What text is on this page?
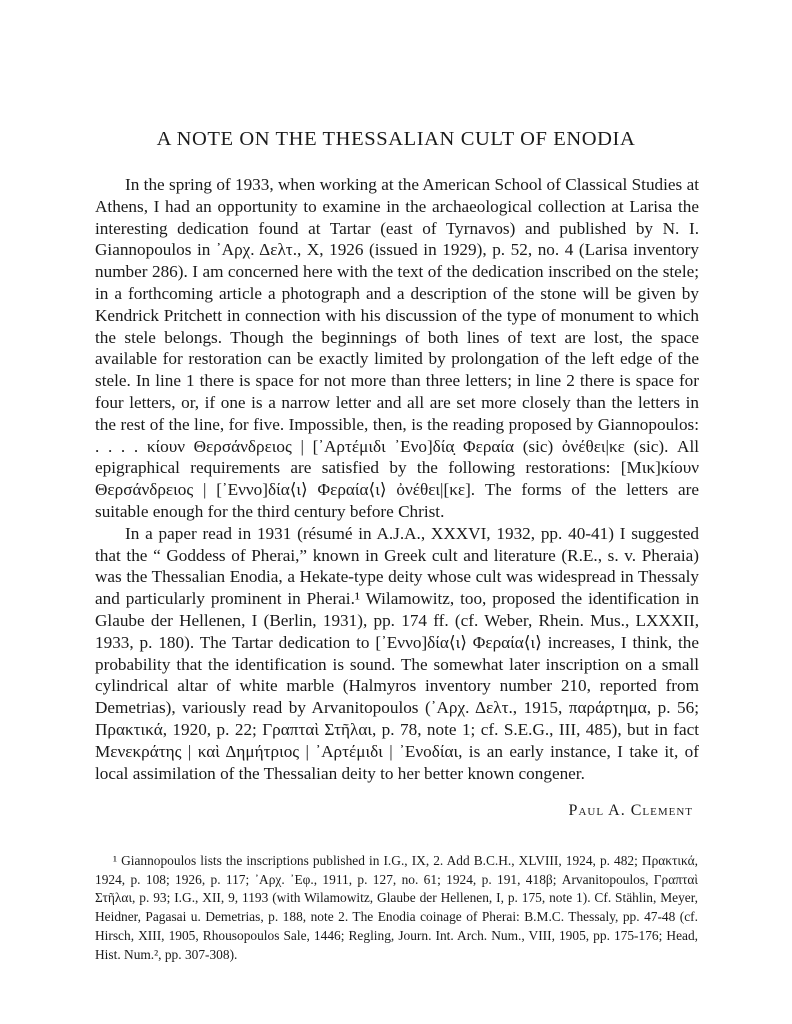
A NOTE ON THE THESSALIAN CULT OF ENODIA

In the spring of 1933, when working at the American School of Classical Studies at Athens, I had an opportunity to examine in the archaeological collection at Larisa the interesting dedication found at Tartar (east of Tyrnavos) and published by N. I. Giannopoulos in ᾿Αρχ. Δελτ., X, 1926 (issued in 1929), p. 52, no. 4 (Larisa inventory number 286). I am concerned here with the text of the dedication inscribed on the stele; in a forthcoming article a photograph and a description of the stone will be given by Kendrick Pritchett in connection with his discussion of the type of monument to which the stele belongs. Though the beginnings of both lines of text are lost, the space available for restoration can be exactly limited by prolongation of the left edge of the stele. In line 1 there is space for not more than three letters; in line 2 there is space for four letters, or, if one is a narrow letter and all are set more closely than the letters in the rest of the line, for five. Impossible, then, is the reading proposed by Giannopoulos: . . . . κίουν Θερσάνδρειος | [᾿Αρτέμιδι ᾿Ενο]δία̣ Φεραία (sic) ὀνέθει|κε (sic). All epigraphical requirements are satisfied by the following restorations: [Μικ]κίουν Θερσάνδρειος | [᾿Εννο]δία⟨ι⟩ Φεραία⟨ι⟩ ὀνέθει|[κε]. The forms of the letters are suitable enough for the third century before Christ.

In a paper read in 1931 (résumé in A.J.A., XXXVI, 1932, pp. 40-41) I suggested that the “ Goddess of Pherai,” known in Greek cult and literature (R.E., s. v. Pheraia) was the Thessalian Enodia, a Hekate-type deity whose cult was widespread in Thessaly and particularly prominent in Pherai.¹ Wilamowitz, too, proposed the identification in Glaube der Hellenen, I (Berlin, 1931), pp. 174 ff. (cf. Weber, Rhein. Mus., LXXXII, 1933, p. 180). The Tartar dedication to [᾿Εννο]δία⟨ι⟩ Φεραία⟨ι⟩ increases, I think, the probability that the identification is sound. The somewhat later inscription on a small cylindrical altar of white marble (Halmyros inventory number 210, reported from Demetrias), variously read by Arvanitopoulos (᾿Αρχ. Δελτ., 1915, παράρτημα, p. 56; Πρακτικά, 1920, p. 22; Γραπταὶ Στῆλαι, p. 78, note 1; cf. S.E.G., III, 485), but in fact Μενεκράτης | καὶ Δημήτριος | ᾿Αρτέμιδι | ᾿Ενοδίαι, is an early instance, I take it, of local assimilation of the Thessalian deity to her better known congener.

Paul A. Clement

¹ Giannopoulos lists the inscriptions published in I.G., IX, 2. Add B.C.H., XLVIII, 1924, p. 482; Πρακτικά, 1924, p. 108; 1926, p. 117; ᾿Αρχ. ᾿Εφ., 1911, p. 127, no. 61; 1924, p. 191, 418β; Arvanitopoulos, Γραπταὶ Στῆλαι, p. 93; I.G., XII, 9, 1193 (with Wilamowitz, Glaube der Hellenen, I, p. 175, note 1). Cf. Stählin, Meyer, Heidner, Pagasai u. Demetrias, p. 188, note 2. The Enodia coinage of Pherai: B.M.C. Thessaly, pp. 47-48 (cf. Hirsch, XIII, 1905, Rhousopoulos Sale, 1446; Regling, Journ. Int. Arch. Num., VIII, 1905, pp. 175-176; Head, Hist. Num.², pp. 307-308).
